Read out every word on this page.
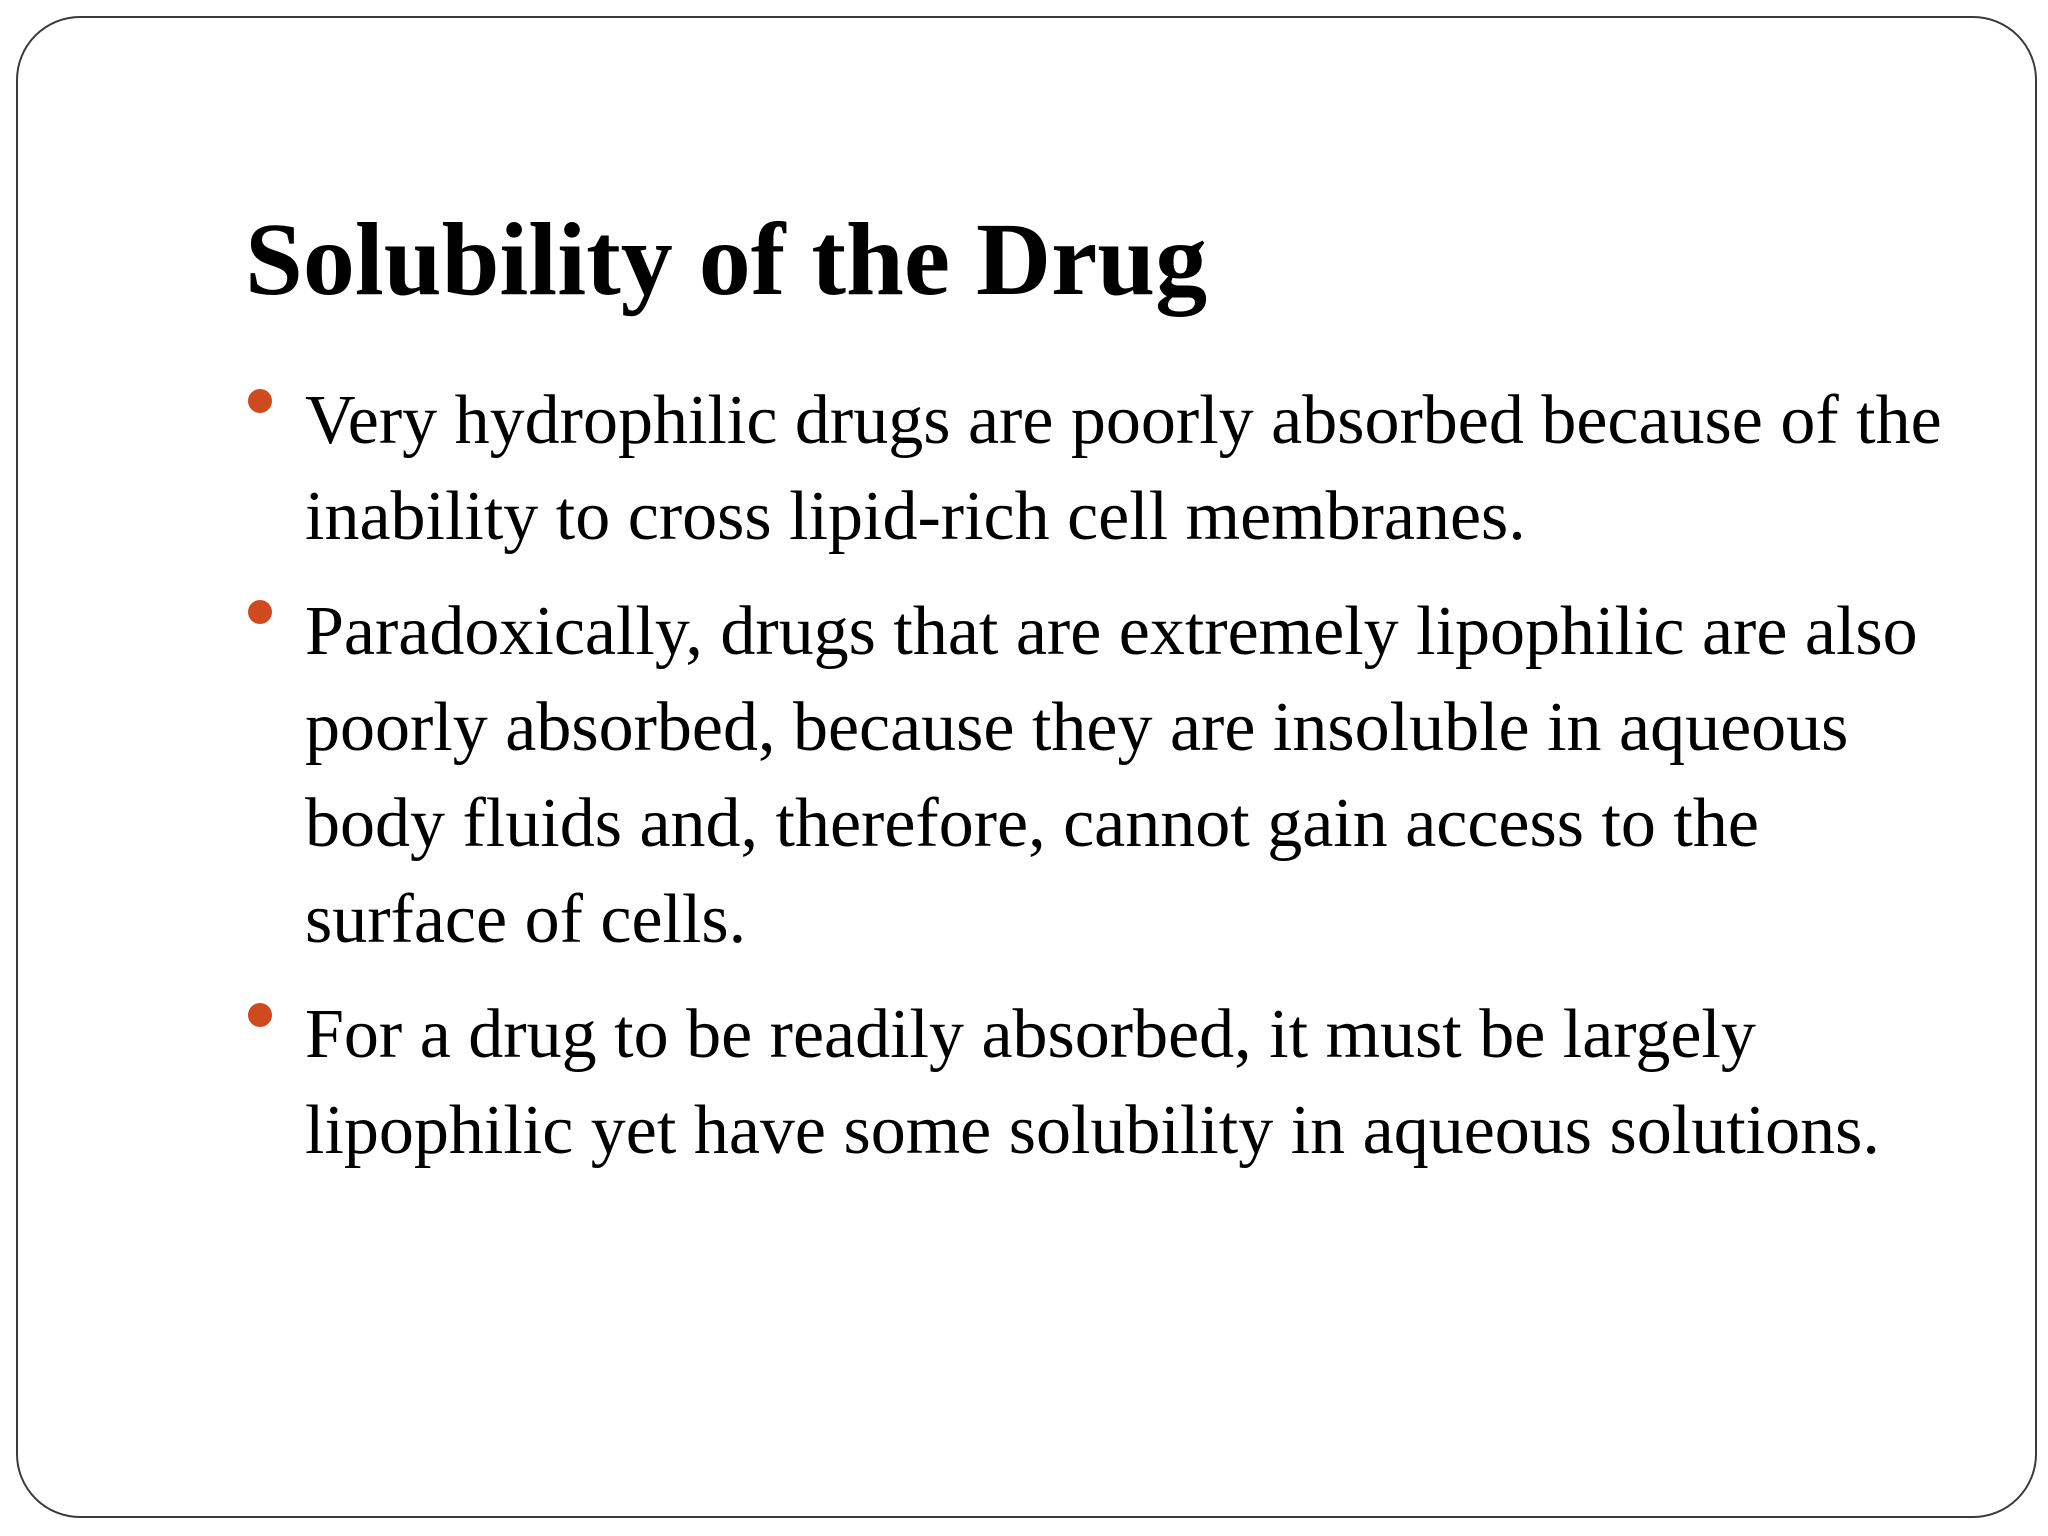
Solubility of the Drug
Very hydrophilic drugs are poorly absorbed because of the inability to cross lipid-rich cell membranes.
Paradoxically, drugs that are extremely lipophilic are also poorly absorbed, because they are insoluble in aqueous body fluids and, therefore, cannot gain access to the surface of cells.
For a drug to be readily absorbed, it must be largely lipophilic yet have some solubility in aqueous solutions.
